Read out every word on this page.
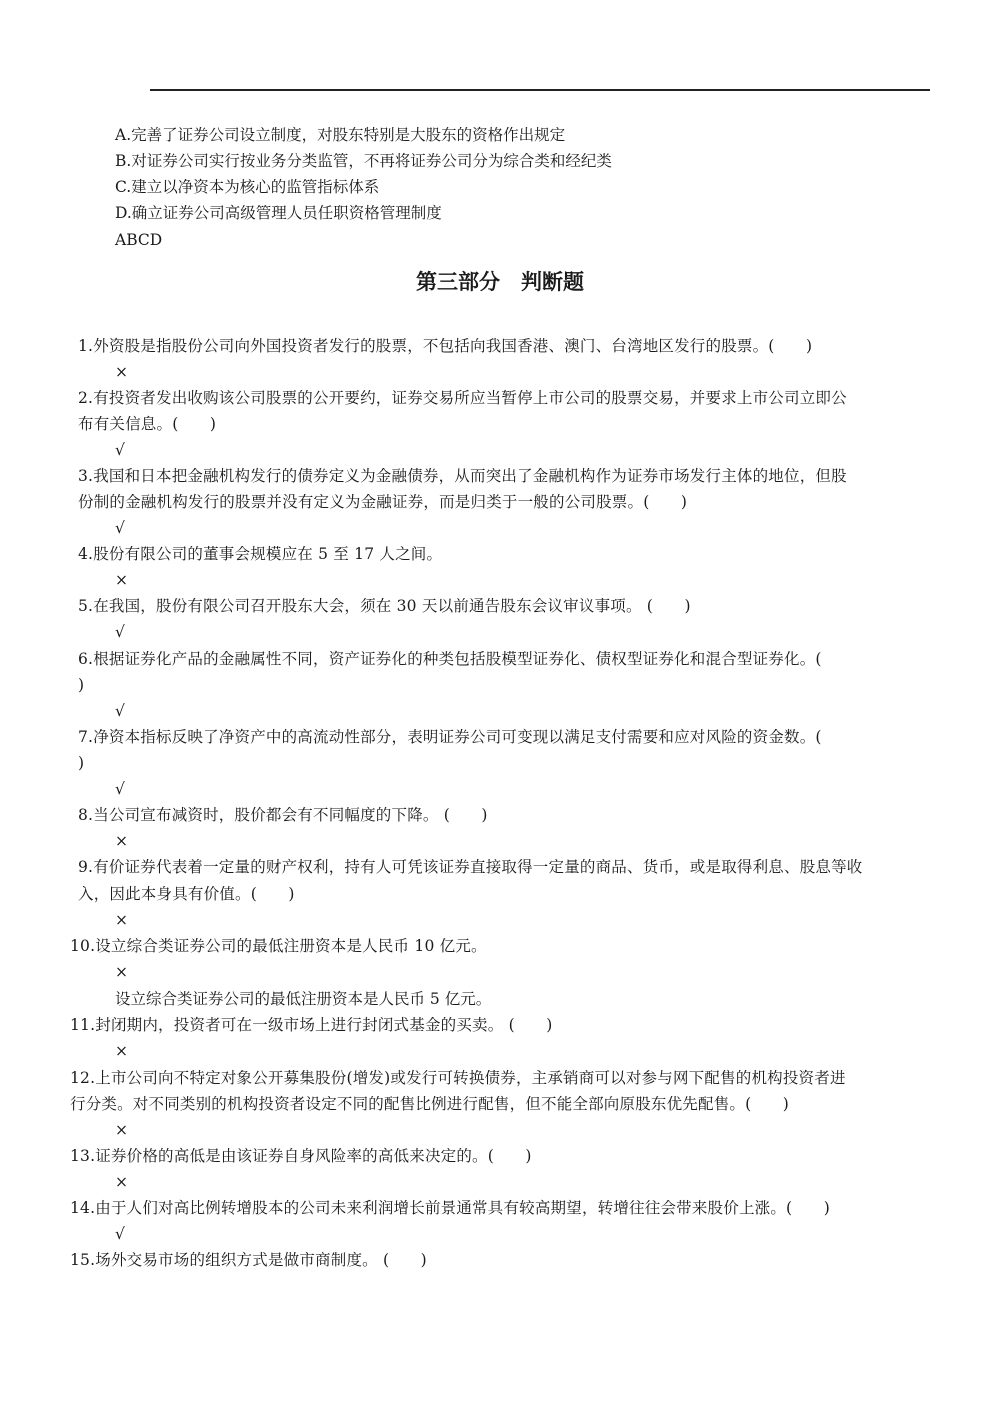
A.完善了证券公司设立制度，对股东特别是大股东的资格作出规定
B.对证券公司实行按业务分类监管，不再将证券公司分为综合类和经纪类
C.建立以净资本为核心的监管指标体系
D.确立证券公司高级管理人员任职资格管理制度
ABCD
第三部分　判断题
1.外资股是指股份公司向外国投资者发行的股票，不包括向我国香港、澳门、台湾地区发行的股票。(　　)
×
2.有投资者发出收购该公司股票的公开要约，证券交易所应当暂停上市公司的股票交易，并要求上市公司立即公
布有关信息。(　　)
√
3.我国和日本把金融机构发行的债券定义为金融债券，从而突出了金融机构作为证券市场发行主体的地位，但股
份制的金融机构发行的股票并没有定义为金融证券，而是归类于一般的公司股票。(　　)
√
4.股份有限公司的董事会规模应在 5 至 17 人之间。
×
5.在我国，股份有限公司召开股东大会，须在 30 天以前通告股东会议审议事项。 (　　)
√
6.根据证券化产品的金融属性不同，资产证券化的种类包括股模型证券化、债权型证券化和混合型证券化。(
)
√
7.净资本指标反映了净资产中的高流动性部分，表明证券公司可变现以满足支付需要和应对风险的资金数。(
)
√
8.当公司宣布减资时，股价都会有不同幅度的下降。 (　　)
×
9.有价证券代表着一定量的财产权利，持有人可凭该证券直接取得一定量的商品、货币，或是取得利息、股息等收
入，因此本身具有价值。(　　)
×
10.设立综合类证券公司的最低注册资本是人民币 10 亿元。
×
设立综合类证券公司的最低注册资本是人民币 5 亿元。
11.封闭期内，投资者可在一级市场上进行封闭式基金的买卖。 (　　)
×
12.上市公司向不特定对象公开募集股份(增发)或发行可转换债券，主承销商可以对参与网下配售的机构投资者进
行分类。对不同类别的机构投资者设定不同的配售比例进行配售，但不能全部向原股东优先配售。(　　)
×
13.证券价格的高低是由该证券自身风险率的高低来决定的。(　　)
×
14.由于人们对高比例转增股本的公司未来利润增长前景通常具有较高期望，转增往往会带来股价上涨。(　　)
√
15.场外交易市场的组织方式是做市商制度。 (　　)
